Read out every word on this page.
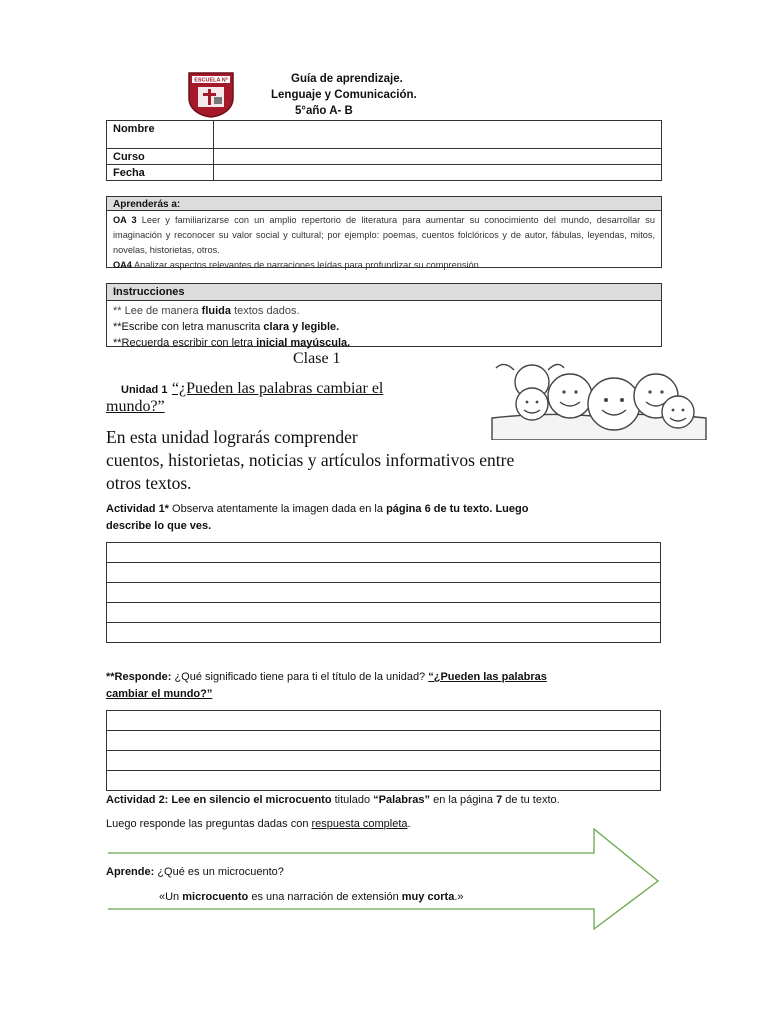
ESCUELA Nº	Guía de aprendizaje.
Lenguaje y Comunicación.
5°año A- B
Nombre	
Curso	
Fecha	
Aprenderás a:
OA 3 Leer y familiarizarse con un amplio repertorio de literatura para aumentar su conocimiento del mundo, desarrollar su imaginación y reconocer su valor social y cultural; por ejemplo: poemas, cuentos folclóricos y de autor, fábulas, leyendas, mitos, novelas, historietas, otros.
OA4 Analizar aspectos relevantes de narraciones leídas para profundizar su comprensión.
Instrucciones
** Lee de manera fluida textos dados.
**Escribe con letra manuscrita clara y legible.
**Recuerda escribir con letra inicial mayúscula.
Clase 1
Unidad 1 “¿Pueden las palabras cambiar el
mundo?”
En esta unidad lograrás comprender
cuentos, historietas, noticias y artículos informativos entre
otros textos.
Actividad 1* Observa atentamente la imagen dada en la página 6 de tu texto. Luego
describe lo que ves.
**Responde: ¿Qué significado tiene para ti el título de la unidad? “¿Pueden las palabras
cambiar el mundo?”
Actividad 2: Lee en silencio el microcuento titulado “Palabras” en la página 7 de tu texto.
Luego responde las preguntas dadas con respuesta completa.
Aprende: ¿Qué es un microcuento?
«Un microcuento es una narración de extensión muy corta.»
